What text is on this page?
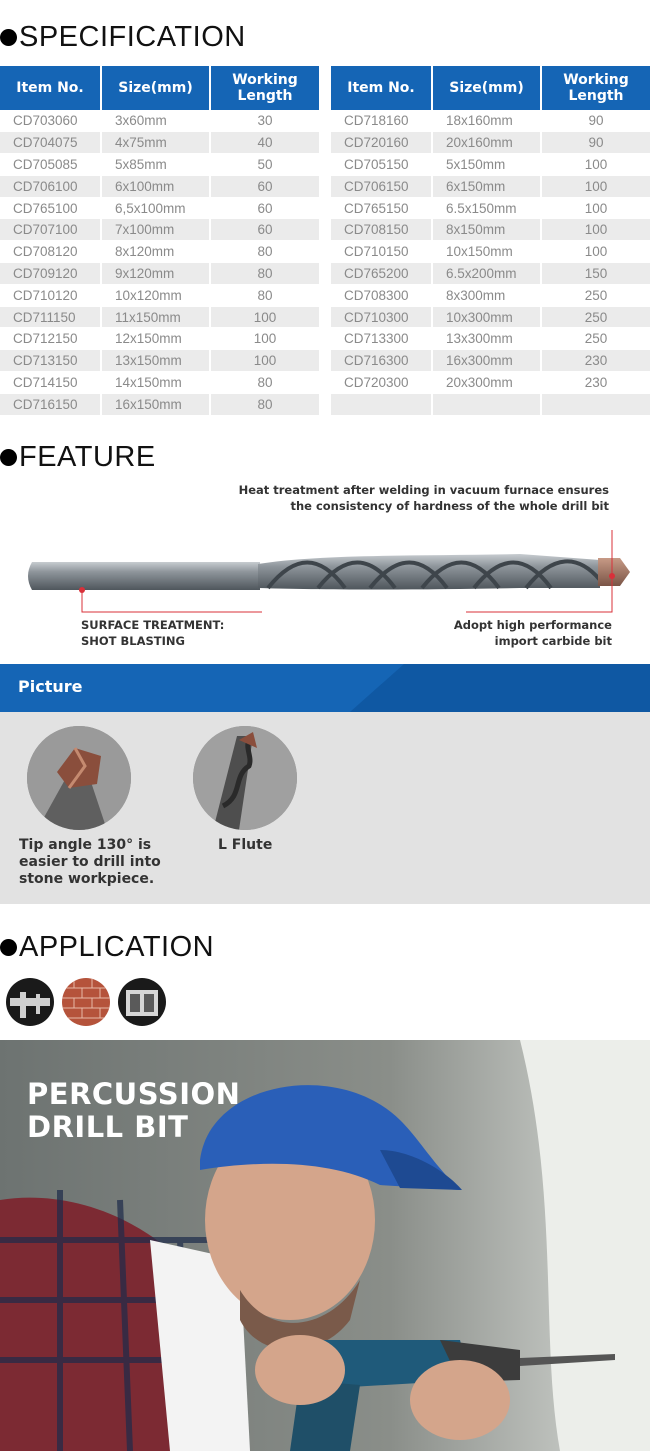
SPECIFICATION
Item No.	Size(mm)	Working
Length
CD703060	3x60mm	30
CD704075	4x75mm	40
CD705085	5x85mm	50
CD706100	6x100mm	60
CD765100	6,5x100mm	60
CD707100	7x100mm	60
CD708120	8x120mm	80
CD709120	9x120mm	80
CD710120	10x120mm	80
CD711150	11x150mm	100
CD712150	12x150mm	100
CD713150	13x150mm	100
CD714150	14x150mm	80
CD716150	16x150mm	80
Item No.	Size(mm)	Working
Length
CD718160	18x160mm	90
CD720160	20x160mm	90
CD705150	5x150mm	100
CD706150	6x150mm	100
CD765150	6.5x150mm	100
CD708150	8x150mm	100
CD710150	10x150mm	100
CD765200	6.5x200mm	150
CD708300	8x300mm	250
CD710300	10x300mm	250
CD713300	13x300mm	250
CD716300	16x300mm	230
CD720300	20x300mm	230

FEATURE
Heat treatment after welding in vacuum furnace ensures
the consistency of hardness of the whole drill bit
SURFACE TREATMENT:
SHOT BLASTING
Adopt high performance
import carbide bit
Picture
Tip angle 130° is
easier to drill into
stone workpiece.
L Flute
APPLICATION
PERCUSSION
DRILL BIT
